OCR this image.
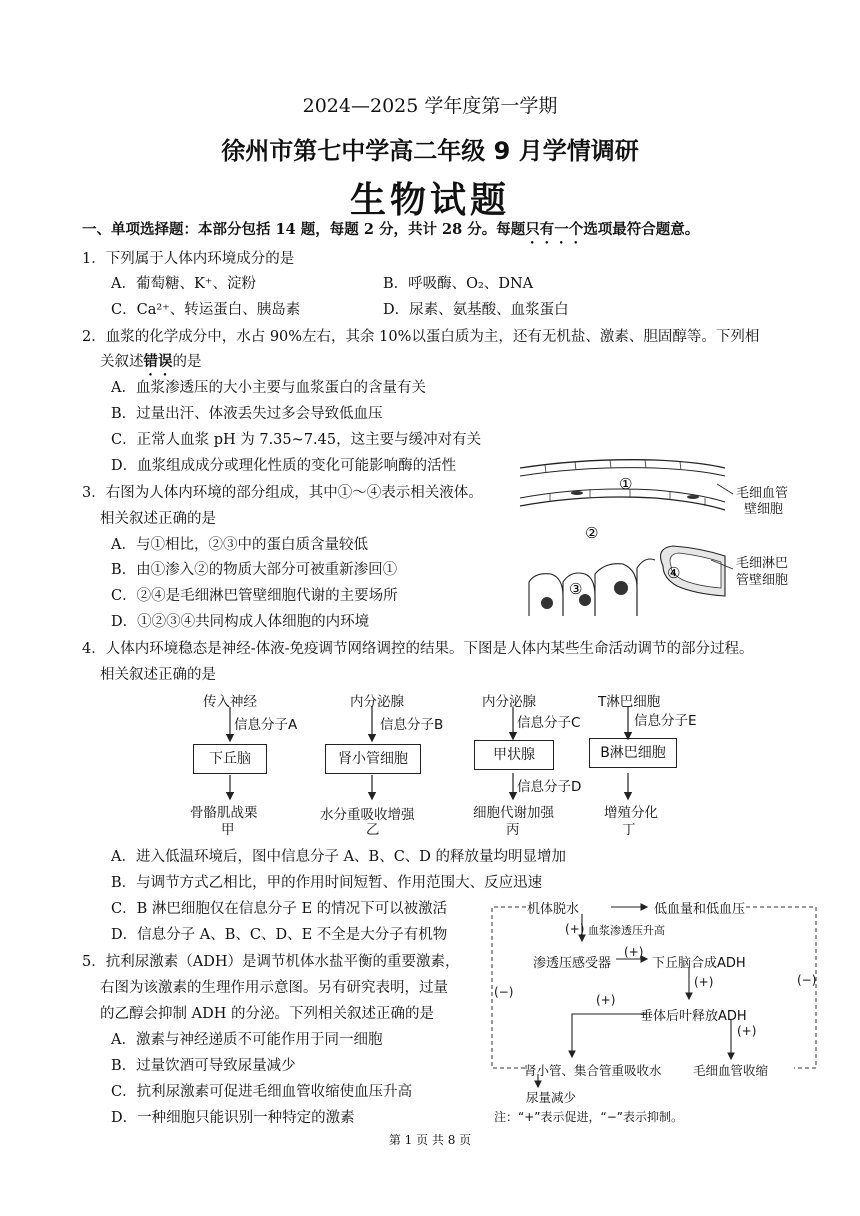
2024—2025 学年度第一学期
徐州市第七中学高二年级 9 月学情调研
生物试题
一、单项选择题：本部分包括 14 题，每题 2 分，共计 28 分。每题只有一个选项最符合题意。
1．下列属于人体内环境成分的是
A．葡萄糖、K⁺、淀粉	B．呼吸酶、O₂、DNA
C．Ca²⁺、转运蛋白、胰岛素	D．尿素、氨基酸、血浆蛋白
2．血浆的化学成分中，水占 90%左右，其余 10%以蛋白质为主，还有无机盐、激素、胆固醇等。下列相
关叙述错误的是
A．血浆渗透压的大小主要与血浆蛋白的含量有关
B．过量出汗、体液丢失过多会导致低血压
C．正常人血浆 pH 为 7.35~7.45，这主要与缓冲对有关
D．血浆组成成分或理化性质的变化可能影响酶的活性
3．右图为人体内环境的部分组成，其中①～④表示相关液体。
相关叙述正确的是
A．与①相比，②③中的蛋白质含量较低
B．由①渗入②的物质大部分可被重新渗回①
C．②④是毛细淋巴管壁细胞代谢的主要场所
D．①②③④共同构成人体细胞的内环境
①
②
③
④
毛细血管
壁细胞
毛细淋巴
管壁细胞
4．人体内环境稳态是神经-体液-免疫调节网络调控的结果。下图是人体内某些生命活动调节的部分过程。
相关叙述正确的是
传入神经
信息分子A
下丘脑
骨骼肌战栗
甲
内分泌腺
信息分子B
肾小管细胞
水分重吸收增强
乙
内分泌腺
信息分子C
甲状腺
信息分子D
细胞代谢加强
丙
T淋巴细胞
信息分子E
B淋巴细胞
增殖分化
丁
A．进入低温环境后，图中信息分子 A、B、C、D 的释放量均明显增加
B．与调节方式乙相比，甲的作用时间短暂、作用范围大、反应迅速
C．B 淋巴细胞仅在信息分子 E 的情况下可以被激活
D．信息分子 A、B、C、D、E 不全是大分子有机物
5．抗利尿激素（ADH）是调节机体水盐平衡的重要激素，
右图为该激素的生理作用示意图。另有研究表明，过量
的乙醇会抑制 ADH 的分泌。下列相关叙述正确的是
A．激素与神经递质不可能作用于同一细胞
B．过量饮酒可导致尿量减少
C．抗利尿激素可促进毛细血管收缩使血压升高
D．一种细胞只能识别一种特定的激素
机体脱水	低血量和低血压
(+) 血浆渗透压升高
渗透压感受器
(+)
下丘脑合成ADH
(+)
(−)
(−)
(+)
垂体后叶释放ADH
(+)
肾小管、集合管重吸收水	毛细血管收缩
尿量减少
注：“+”表示促进，“−”表示抑制。
第 1 页 共 8 页
